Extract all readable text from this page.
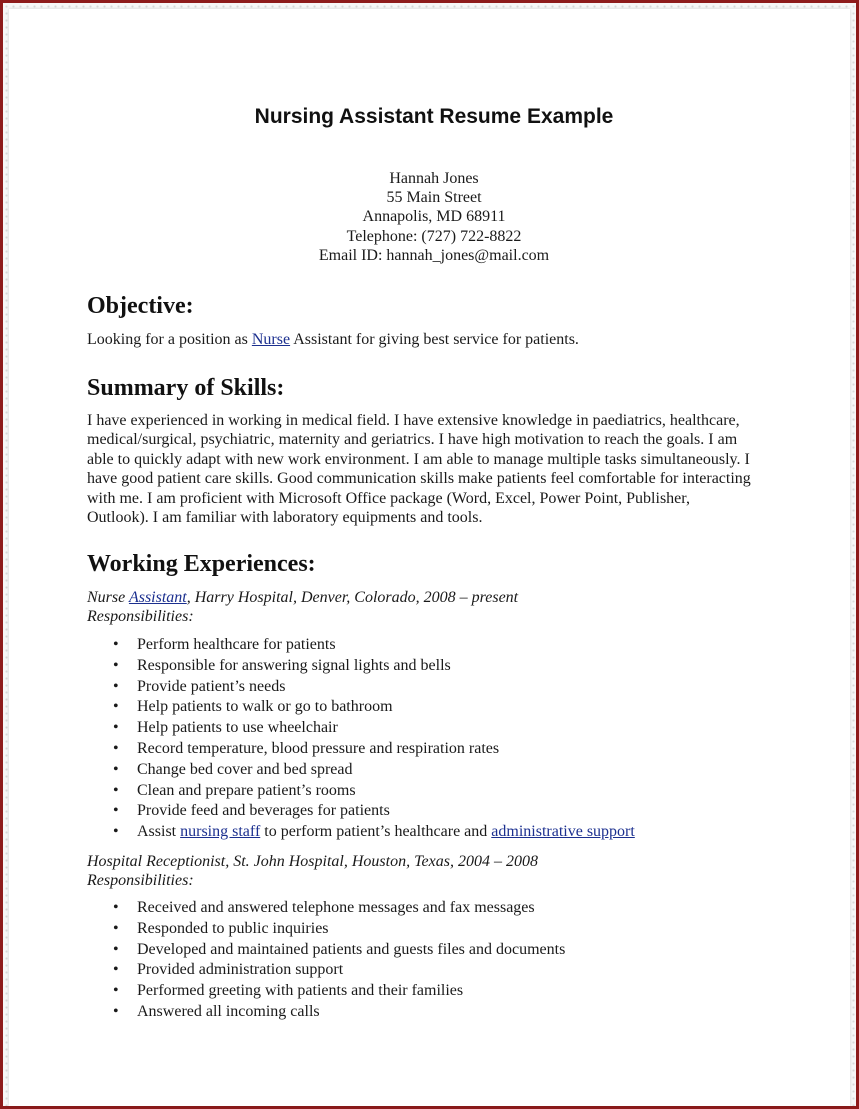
Nursing Assistant Resume Example
Hannah Jones
55 Main Street
Annapolis, MD 68911
Telephone: (727) 722-8822
Email ID: hannah_jones@mail.com
Objective:

Looking for a position as Nurse Assistant for giving best service for patients.

Summary of Skills:
I have experienced in working in medical field. I have extensive knowledge in paediatrics, healthcare,
medical/surgical, psychiatric, maternity and geriatrics. I have high motivation to reach the goals. I am
able to quickly adapt with new work environment. I am able to manage multiple tasks simultaneously. I
have good patient care skills. Good communication skills make patients feel comfortable for interacting
with me. I am proficient with Microsoft Office package (Word, Excel, Power Point, Publisher,
Outlook). I am familiar with laboratory equipments and tools.
Working Experiences:

Nurse Assistant, Harry Hospital, Denver, Colorado, 2008 – present

Responsibilities:

• Perform healthcare for patients
• Responsible for answering signal lights and bells
• Provide patient’s needs
• Help patients to walk or go to bathroom
• Help patients to use wheelchair
• Record temperature, blood pressure and respiration rates
• Change bed cover and bed spread
• Clean and prepare patient’s rooms
• Provide feed and beverages for patients
• Assist nursing staff to perform patient’s healthcare and administrative support

Hospital Receptionist, St. John Hospital, Houston, Texas, 2004 – 2008

Responsibilities:

• Received and answered telephone messages and fax messages
• Responded to public inquiries
• Developed and maintained patients and guests files and documents
• Provided administration support
• Performed greeting with patients and their families
• Answered all incoming calls
